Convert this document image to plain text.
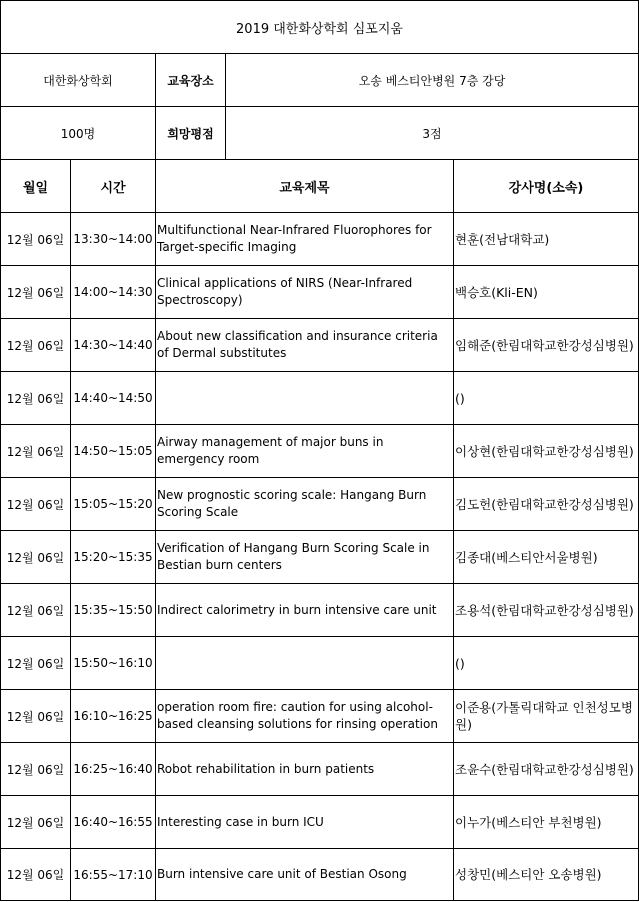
2019 대한화상학회 심포지움				
대한화상학회		교육장소	오송 베스티안병원 7층 강당	
100명		희망평점	3점	
월일	시간	교육제목		강사명(소속)
12월 06일	13:30~14:00	Multifunctional Near-Infrared Fluorophores for Target-specific Imaging		현훈(전남대학교)
12월 06일	14:00~14:30	Clinical applications of NIRS (Near-Infrared Spectroscopy)		백승호(Kli-EN)
12월 06일	14:30~14:40	About new classification and insurance criteria of Dermal substitutes		임해준(한림대학교한강성심병원)
12월 06일	14:40~14:50			()
12월 06일	14:50~15:05	Airway management of major buns in emergency room		이상현(한림대학교한강성심병원)
12월 06일	15:05~15:20	New prognostic scoring scale: Hangang Burn Scoring Scale		김도헌(한림대학교한강성심병원)
12월 06일	15:20~15:35	Verification of Hangang Burn Scoring Scale in Bestian burn centers		김종대(베스티안서울병원)
12월 06일	15:35~15:50	Indirect calorimetry in burn intensive care unit		조용석(한림대학교한강성심병원)
12월 06일	15:50~16:10			()
12월 06일	16:10~16:25	operation room fire: caution for using alcohol-based cleansing solutions for rinsing operation		이준용(가톨릭대학교 인천성모병원)
12월 06일	16:25~16:40	Robot rehabilitation in burn patients		조윤수(한림대학교한강성심병원)
12월 06일	16:40~16:55	Interesting case in burn ICU		이누가(베스티안 부천병원)
12월 06일	16:55~17:10	Burn intensive care unit of Bestian Osong		성창민(베스티안 오송병원)
